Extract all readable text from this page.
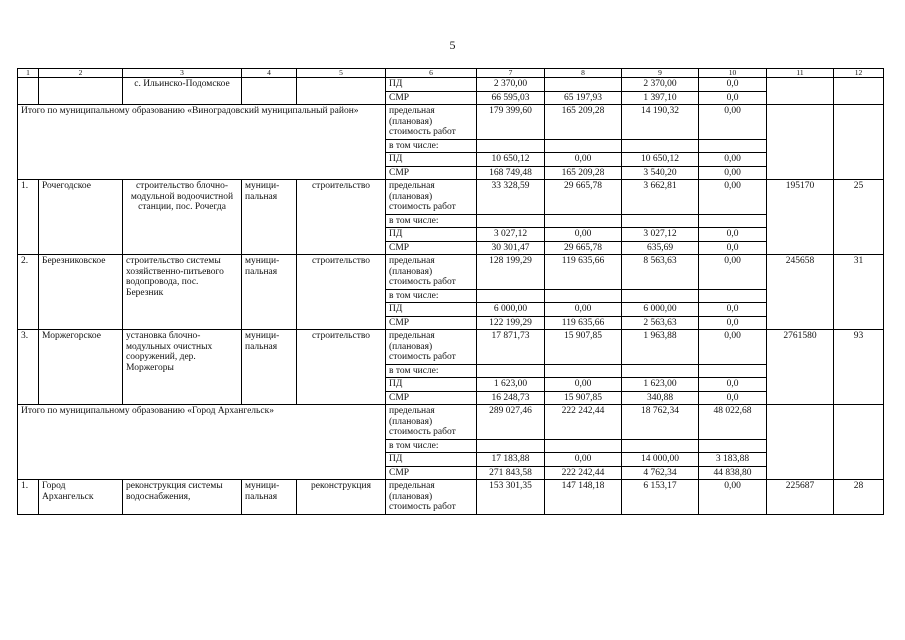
5
1	2	3	4	5	6	7	8	9	10	11	12
		с. Ильинско-Подомское			ПД	2 370,00		2 370,00	0,0		
					СМР	66 595,03	65 197,93	1 397,10	0,0		
Итого по муниципальному образованию «Виноградовский муниципальный район»					предельная (плановая) стоимость работ	179 399,60	165 209,28	14 190,32	0,00		
					в том числе:						
					ПД	10 650,12	0,00	10 650,12	0,00		
					СМР	168 749,48	165 209,28	3 540,20	0,00		
1.	Рочегодское	строительство блочно-модульной водоочистной станции, пос. Рочегда	муници-пальная	строительство	предельная (плановая) стоимость работ	33 328,59	29 665,78	3 662,81	0,00	195170	25
					в том числе:						
					ПД	3 027,12	0,00	3 027,12	0,0		
					СМР	30 301,47	29 665,78	635,69	0,0		
2.	Березниковское	строительство системы хозяйственно-питьевого водопровода, пос. Березник	муници-пальная	строительство	предельная (плановая) стоимость работ	128 199,29	119 635,66	8 563,63	0,00	245658	31
					в том числе:						
					ПД	6 000,00	0,00	6 000,00	0,0		
					СМР	122 199,29	119 635,66	2 563,63	0,0		
3.	Моржегорское	установка блочно-модульных очистных сооружений, дер. Моржегоры	муници-пальная	строительство	предельная (плановая) стоимость работ	17 871,73	15 907,85	1 963,88	0,00	2761580	93
					в том числе:						
					ПД	1 623,00	0,00	1 623,00	0,0		
					СМР	16 248,73	15 907,85	340,88	0,0		
Итого по муниципальному образованию «Город Архангельск»					предельная (плановая) стоимость работ	289 027,46	222 242,44	18 762,34	48 022,68		
					в том числе:						
					ПД	17 183,88	0,00	14 000,00	3 183,88		
					СМР	271 843,58	222 242,44	4 762,34	44 838,80		
1.	Город Архангельск	реконструкция системы водоснабжения,	муници-пальная	реконструкция	предельная (плановая) стоимость работ	153 301,35	147 148,18	6 153,17	0,00	225687	28
